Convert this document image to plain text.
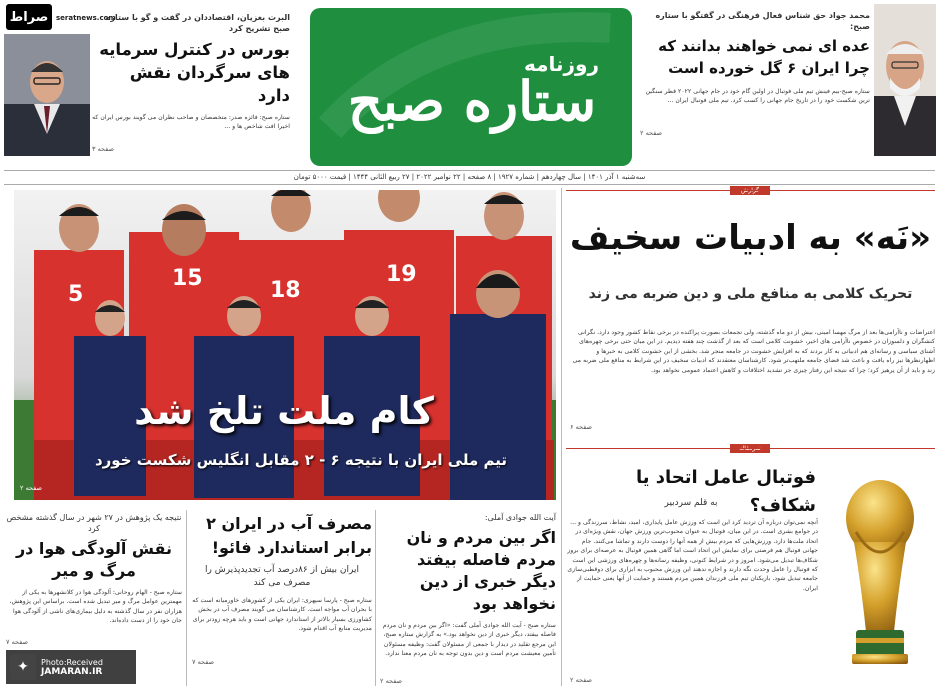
صراط seratnews.com
البرت بغزیان، اقتصاددان در گفت و گو با ستاره صبح تشریح کرد
بورس در کنترل سرمایه های سرگردان نقش دارد
ستاره صبح: فائزه صدر: متخصصان و صاحب نظران می گویند بورس ایران که اخیرا افت شاخص ها و ...
صفحه ۳
روزنامه
ستاره صبح
محمد جواد حق شناس فعال فرهنگی در گفتگو با ستاره صبح:
عده ای نمی خواهند بدانند که چرا ایران ۶ گل خورده است
ستاره صبح-بیم فینش تیم ملی فوتبال در اولین گام خود در جام جهانی ۲۰۲۲ قطر سنگین ترین شکست خود را در تاریخ جام جهانی را کسب کرد. تیم ملی فوتبال ایران ...
صفحه ۲
سه‌شنبه ۱ آذر ۱۴۰۱ | سال چهاردهم | شماره ۱۹۲۷ | ۸ صفحه | ۲۲ نوامبر ۲۰۲۲ | ۲۷ ربیع الثانی ۱۴۴۴ | قیمت ۵۰۰۰ تومان
5
15	18
19
کام ملت تلخ شد
تیم ملی ایران با نتیجه ۶ - ۲ مقابل انگلیس شکست خورد
صفحه ۲
«نَه» به ادبیات سخیف
تحریک کلامی به منافع ملی و دین ضربه می زند
اعتراضات و ناآرامی‌ها بعد از مرگ مهسا امینی، بیش از دو ماه گذشته، ولی تجمعات بصورت پراکنده در برخی نقاط کشور وجود دارد. نگرانی کنشگران و دلسوزان در خصوص ناآرامی های اخیر، خشونت کلامی است که بعد از گذشت چند هفته دیدیم. در این میان حتی برخی چهره‌های آشنای سیاسی و رسانه‌ای هم ادبیاتی به کار بردند که به افزایش خشونت در جامعه منجر شد. بخشی از این خشونت کلامی به خبرها و اظهارنظرها نیز راه یافت و باعث شد فضای جامعه ملتهب‌تر شود. کارشناسان معتقدند که ادبیات سخیف در این شرایط به منافع ملی ضربه می زند و باید از آن پرهیز کرد؛ چرا که نتیجه این رفتار چیزی جز تشدید اختلافات و کاهش اعتماد عمومی نخواهد بود.
صفحه ۶
فوتبال عامل اتحاد یا شکاف؟
به قلم سردبیر
آنچه نمی‌توان درباره آن تردید کرد این است که ورزش عامل پایداری، امید، نشاط، سرزندگی و ... در جوامع بشری است. در این میان، فوتبال به عنوان محبوب‌ترین ورزش جهان، نقش ویژه‌ای در اتحاد ملت‌ها دارد. ورزش‌هایی که مردم بیش از همه آنها را دوست دارند و تماشا می‌کنند. جام جهانی فوتبال هم فرصتی برای نمایش این اتحاد است اما گاهی همین فوتبال به عرصه‌ای برای بروز شکاف‌ها تبدیل می‌شود. امروز و در شرایط کنونی، وظیفه رسانه‌ها و چهره‌های ورزشی این است که فوتبال را عامل وحدت نگه دارند و اجازه ندهند این ورزش محبوب به ابزاری برای دوقطبی‌سازی جامعه تبدیل شود. بازیکنان تیم ملی فرزندان همین مردم هستند و حمایت از آنها یعنی حمایت از ایران.
صفحه ۲
آیت الله جوادی آملی:
اگر بین مردم و نان مردم فاصله بیفتد دیگر خبری از دین نخواهد بود
ستاره صبح - آیت الله جوادی آملی گفت: «اگر بین مردم و نان مردم فاصله بیفتد، دیگر خبری از دین نخواهد بود.» به گزارش ستاره صبح، این مرجع تقلید در دیدار با جمعی از مسئولان گفت: وظیفه مسئولان تأمین معیشت مردم است و دین بدون توجه به نان مردم معنا ندارد.
صفحه ۲
مصرف آب در ایران ۲ برابر استاندارد فائو!
ایران بیش از ۸۶درصد آب تجدیدپذیرش را مصرف می کند
ستاره صبح - پارسا سپهری: ایران یکی از کشورهای خاورمیانه است که با بحران آب مواجه است. کارشناسان می گویند مصرف آب در بخش کشاورزی بسیار بالاتر از استاندارد جهانی است و باید هرچه زودتر برای مدیریت منابع آب اقدام شود.
صفحه ۷
نتیجه یک پژوهش در ۲۷ شهر در سال گذشته مشخص کرد
نقش آلودگی هوا در مرگ و میر
ستاره صبح - الهام روحانی: آلودگی هوا در کلانشهرها به یکی از مهمترین عوامل مرگ و میر تبدیل شده است. براساس این پژوهش، هزاران نفر در سال گذشته به دلیل بیماری‌های ناشی از آلودگی هوا جان خود را از دست داده‌اند.
صفحه ۷
✦	Photo:Received
JAMARAN.IR
